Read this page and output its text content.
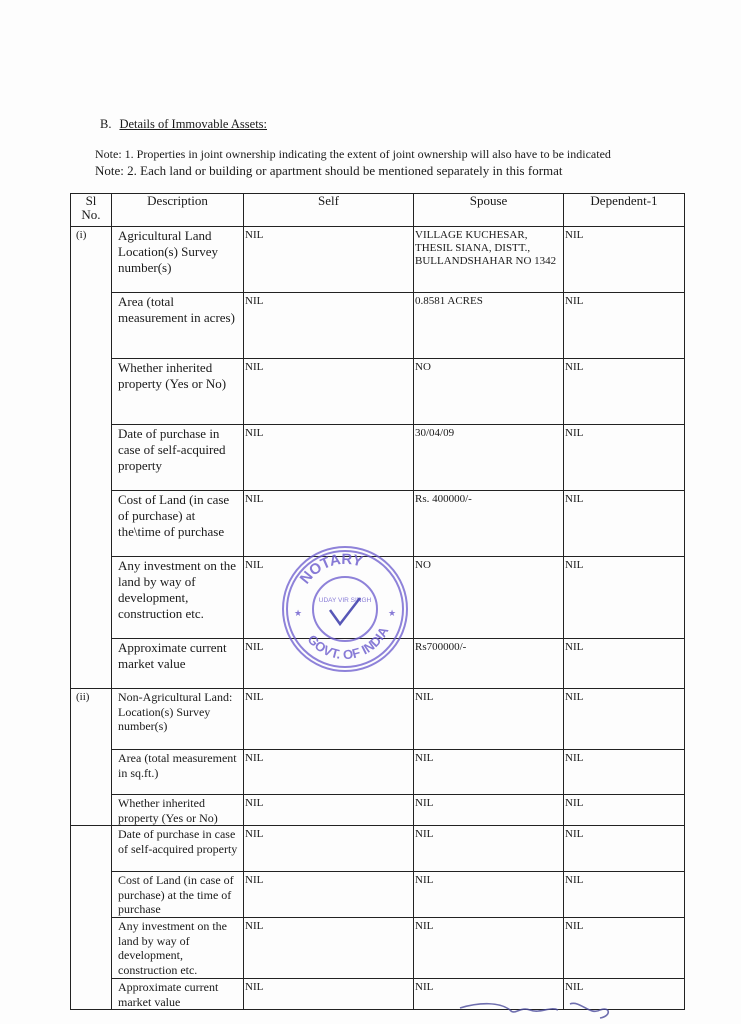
B. Details of Immovable Assets:
Note: 1. Properties in joint ownership indicating the extent of joint ownership will also have to be indicated
Note: 2. Each land or building or apartment should be mentioned separately in this format
Sl
No.	Description	Self	Spouse	Dependent-1
(i)	Agricultural Land Location(s) Survey number(s)	NIL	VILLAGE KUCHESAR, THESIL SIANA, DISTT., BULLANDSHAHAR NO 1342	NIL
	Area (total measurement in acres)	NIL	0.8581 ACRES	NIL
	Whether inherited property (Yes or No)	NIL	NO	NIL
	Date of purchase in case of self-acquired property	NIL	30/04/09	NIL
	Cost of Land (in case of purchase) at the\time of purchase	NIL	Rs. 400000/-	NIL
	Any investment on the land by way of development, construction etc.	NIL	NO	NIL
	Approximate current market value	NIL	Rs700000/-	NIL
(ii)	Non-Agricultural Land: Location(s) Survey number(s)	NIL	NIL	NIL
	Area (total measurement in sq.ft.)	NIL	NIL	NIL
	Whether inherited property (Yes or No)	NIL	NIL	NIL
	Date of purchase in case of self-acquired property	NIL	NIL	NIL
	Cost of Land (in case of purchase) at the time of purchase	NIL	NIL	NIL
	Any investment on the land by way of development, construction etc.	NIL	NIL	NIL
	Approximate current market value	NIL	NIL	NIL
NOTARY
GOVT. OF INDIA
UDAY VIR SINGH
★	★
